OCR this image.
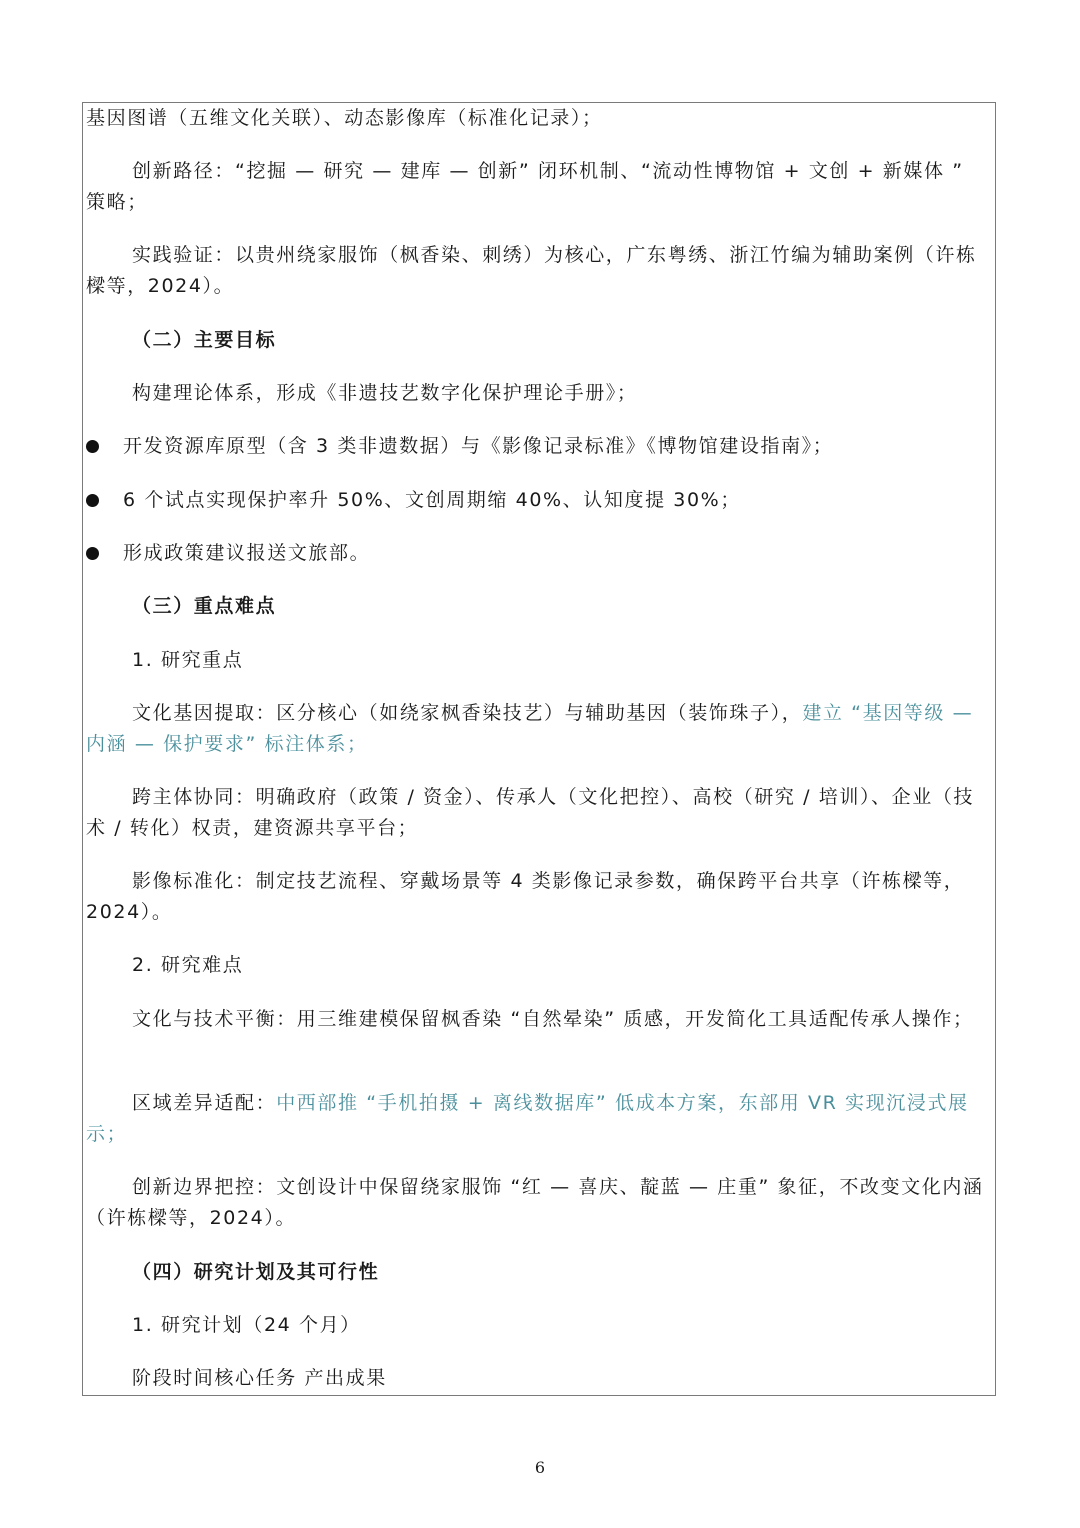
基因图谱（五维文化关联）、动态影像库（标准化记录）；

创新路径：“挖掘 — 研究 — 建库 — 创新” 闭环机制、“流动性博物馆 + 文创 + 新媒体 ” 策略；

实践验证：以贵州绕家服饰（枫香染、刺绣）为核心，广东粤绣、浙江竹编为辅助案例（许栋樑等，2024）。

（二）主要目标

构建理论体系，形成《非遗技艺数字化保护理论手册》；

开发资源库原型（含 3 类非遗数据）与《影像记录标准》《博物馆建设指南》；
6 个试点实现保护率升 50%、文创周期缩 40%、认知度提 30%；
形成政策建议报送文旅部。

（三）重点难点

1. 研究重点

文化基因提取：区分核心（如绕家枫香染技艺）与辅助基因（装饰珠子），建立 “基因等级 — 内涵 — 保护要求” 标注体系；

跨主体协同：明确政府（政策 / 资金）、传承人（文化把控）、高校（研究 / 培训）、企业（技术 / 转化）权责，建资源共享平台；

影像标准化：制定技艺流程、穿戴场景等 4 类影像记录参数，确保跨平台共享（许栋樑等，2024）。

2. 研究难点

文化与技术平衡：用三维建模保留枫香染 “自然晕染” 质感，开发简化工具适配传承人操作；

区域差异适配：中西部推 “手机拍摄 + 离线数据库” 低成本方案，东部用 VR 实现沉浸式展示；

创新边界把控：文创设计中保留绕家服饰 “红 — 喜庆、靛蓝 — 庄重” 象征，不改变文化内涵（许栋樑等，2024）。

（四）研究计划及其可行性

1. 研究计划（24 个月）

阶段时间核心任务 产出成果

6
